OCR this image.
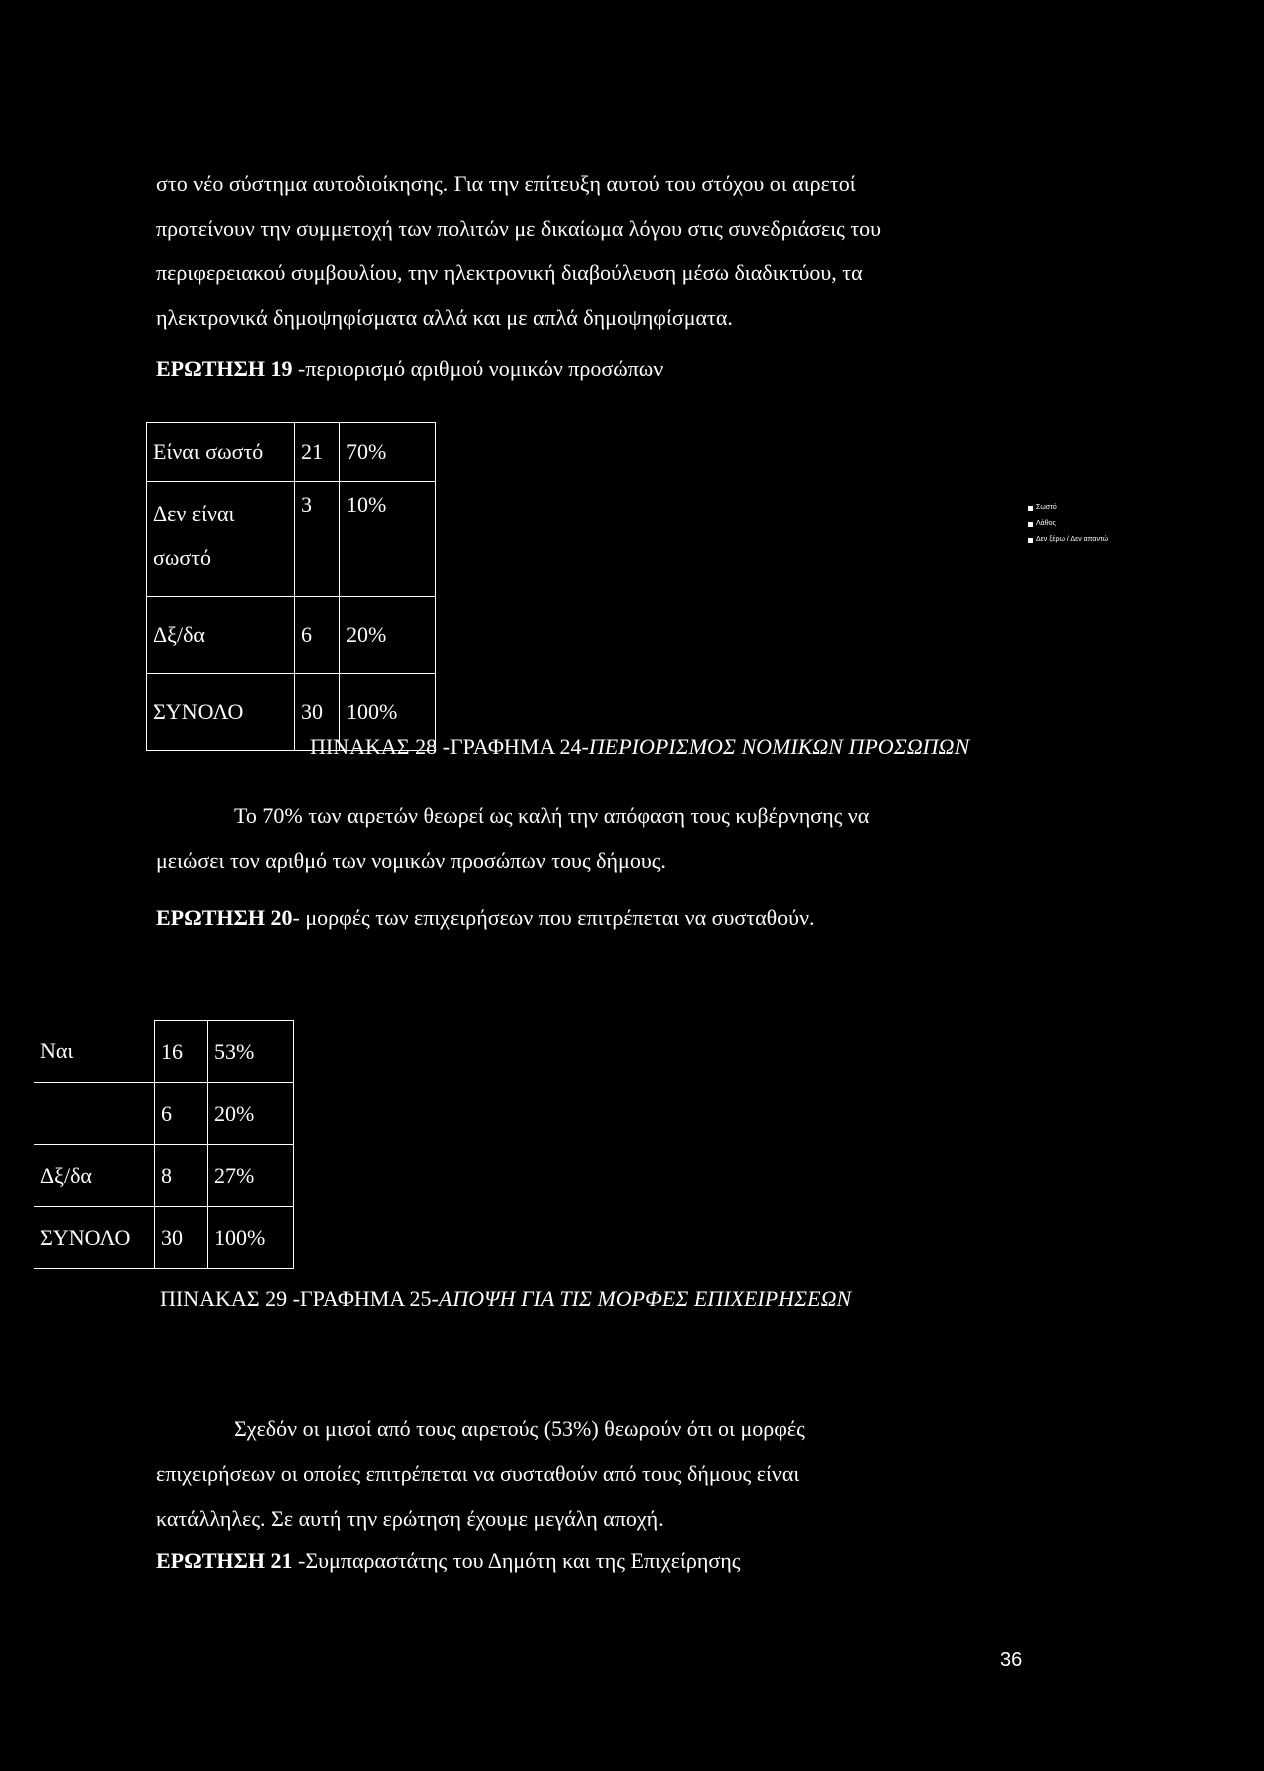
στο νέο σύστημα αυτοδιοίκησης. Για την επίτευξη αυτού του στόχου οι αιρετοί
προτείνουν την συμμετοχή των πολιτών με δικαίωμα λόγου στις συνεδριάσεις του
περιφερειακού συμβουλίου, την ηλεκτρονική διαβούλευση μέσω διαδικτύου, τα
ηλεκτρονικά δημοψηφίσματα αλλά και με απλά δημοψηφίσματα.

ΕΡΩΤΗΣΗ 19 -περιορισμό αριθμού νομικών προσώπων

Είναι σωστό	21	70%
Δεν είναι
σωστό	3	10%
Δξ/δα	6	20%
ΣΥΝΟΛΟ	30	100%
Σωστό
Λάθος
Δεν ξέρω / Δεν απαντώ

ΠΙΝΑΚΑΣ 28 -ΓΡΑΦΗΜΑ 24-ΠΕΡΙΟΡΙΣΜΟΣ ΝΟΜΙΚΩΝ ΠΡΟΣΩΠΩΝ

Το 70% των αιρετών θεωρεί ως καλή την απόφαση τους κυβέρνησης να
μειώσει τον αριθμό των νομικών προσώπων τους δήμους.

ΕΡΩΤΗΣΗ 20- μορφές των επιχειρήσεων που επιτρέπεται να συσταθούν.

Ναι	16	53%
	6	20%
Δξ/δα	8	27%
ΣΥΝΟΛΟ	30	100%

ΠΙΝΑΚΑΣ 29 -ΓΡΑΦΗΜΑ 25-ΑΠΟΨΗ ΓΙΑ ΤΙΣ ΜΟΡΦΕΣ ΕΠΙΧΕΙΡΗΣΕΩΝ

Σχεδόν οι μισοί από τους αιρετούς (53%) θεωρούν ότι οι μορφές
επιχειρήσεων οι οποίες επιτρέπεται να συσταθούν από τους δήμους είναι
κατάλληλες. Σε αυτή την ερώτηση έχουμε μεγάλη αποχή.

ΕΡΩΤΗΣΗ 21 -Συμπαραστάτης του Δημότη και της Επιχείρησης

36
